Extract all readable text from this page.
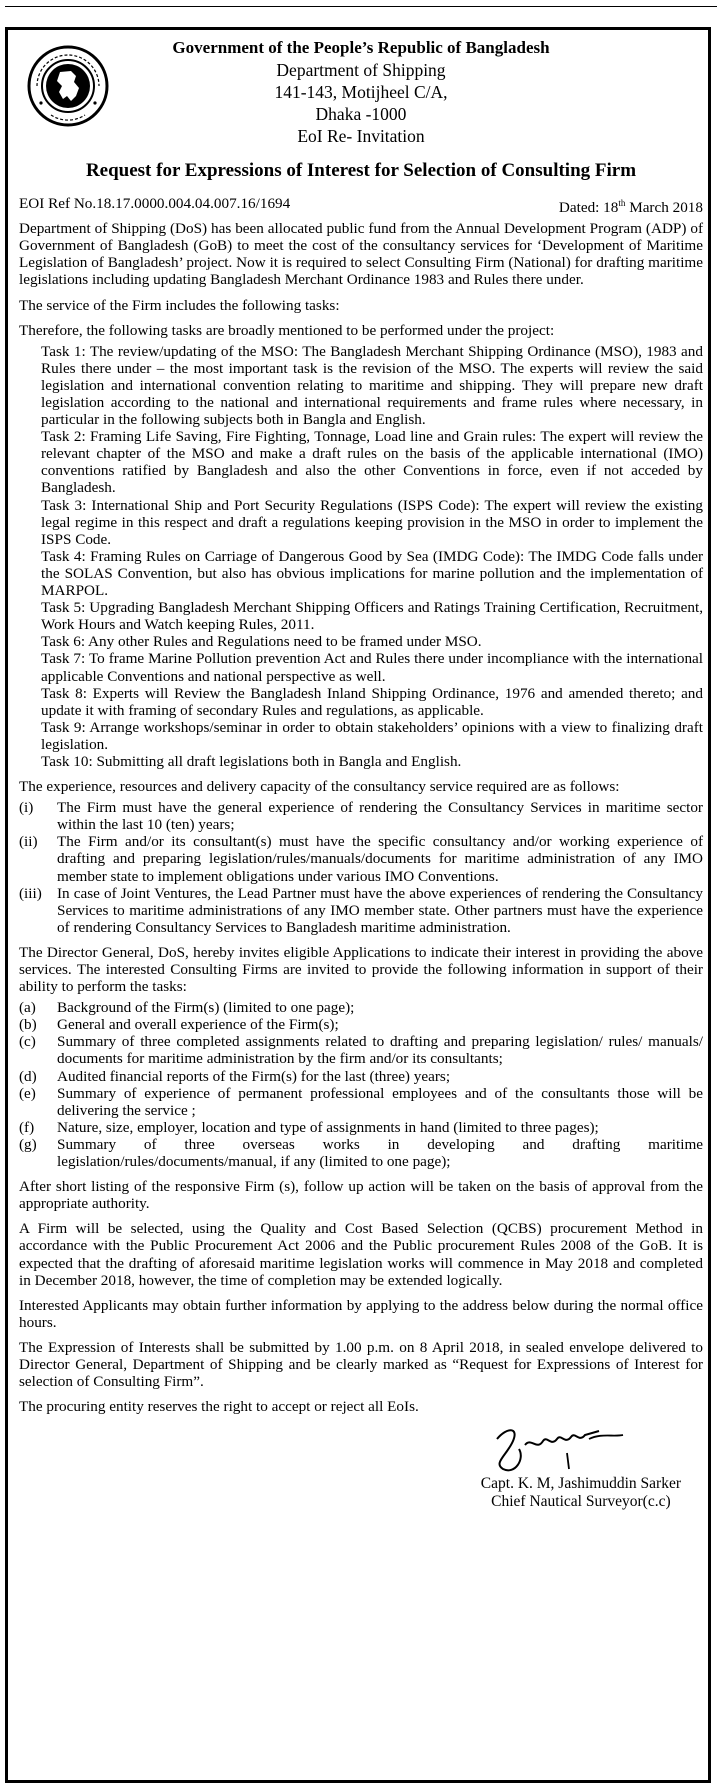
Government of the People’s Republic of Bangladesh
Department of Shipping
141-143, Motijheel C/A,
Dhaka -1000
EoI Re- Invitation
Request for Expressions of Interest for Selection of Consulting Firm
EOI Ref No.18.17.0000.004.04.007.16/1694	Dated: 18th March 2018

Department of Shipping (DoS) has been allocated public fund from the Annual Development Program (ADP) of Government of Bangladesh (GoB) to meet the cost of the consultancy services for ‘Development of Maritime Legislation of Bangladesh’ project. Now it is required to select Consulting Firm (National) for drafting maritime legislations including updating Bangladesh Merchant Ordinance 1983 and Rules there under.

The service of the Firm includes the following tasks:

Therefore, the following tasks are broadly mentioned to be performed under the project:

Task 1: The review/updating of the MSO: The Bangladesh Merchant Shipping Ordinance (MSO), 1983 and Rules there under – the most important task is the revision of the MSO. The experts will review the said legislation and international convention relating to maritime and shipping. They will prepare new draft legislation according to the national and international requirements and frame rules where necessary, in particular in the following subjects both in Bangla and English.
Task 2: Framing Life Saving, Fire Fighting, Tonnage, Load line and Grain rules: The expert will review the relevant chapter of the MSO and make a draft rules on the basis of the applicable international (IMO) conventions ratified by Bangladesh and also the other Conventions in force, even if not acceded by Bangladesh.
Task 3: International Ship and Port Security Regulations (ISPS Code): The expert will review the existing legal regime in this respect and draft a regulations keeping provision in the MSO in order to implement the ISPS Code.
Task 4: Framing Rules on Carriage of Dangerous Good by Sea (IMDG Code): The IMDG Code falls under the SOLAS Convention, but also has obvious implications for marine pollution and the implementation of MARPOL.
Task 5: Upgrading Bangladesh Merchant Shipping Officers and Ratings Training Certification, Recruitment, Work Hours and Watch keeping Rules, 2011.
Task 6: Any other Rules and Regulations need to be framed under MSO.
Task 7: To frame Marine Pollution prevention Act and Rules there under incompliance with the international applicable Conventions and national perspective as well.
Task 8: Experts will Review the Bangladesh Inland Shipping Ordinance, 1976 and amended thereto; and update it with framing of secondary Rules and regulations, as applicable.
Task 9: Arrange workshops/seminar in order to obtain stakeholders’ opinions with a view to finalizing draft legislation.
Task 10: Submitting all draft legislations both in Bangla and English.

The experience, resources and delivery capacity of the consultancy service required are as follows:

(i)	The Firm must have the general experience of rendering the Consultancy Services in maritime sector within the last 10 (ten) years;
(ii)	The Firm and/or its consultant(s) must have the specific consultancy and/or working experience of drafting and preparing legislation/rules/manuals/documents for maritime administration of any IMO member state to implement obligations under various IMO Conventions.
(iii)	In case of Joint Ventures, the Lead Partner must have the above experiences of rendering the Consultancy Services to maritime administrations of any IMO member state. Other partners must have the experience of rendering Consultancy Services to Bangladesh maritime administration.

The Director General, DoS, hereby invites eligible Applications to indicate their interest in providing the above services. The interested Consulting Firms are invited to provide the following information in support of their ability to perform the tasks:

(a)	Background of the Firm(s) (limited to one page);
(b)	General and overall experience of the Firm(s);
(c)	Summary of three completed assignments related to drafting and preparing legislation/ rules/ manuals/ documents for maritime administration by the firm and/or its consultants;
(d)	Audited financial reports of the Firm(s) for the last (three) years;
(e)	Summary of experience of permanent professional employees and of the consultants those will be delivering the service ;
(f)	Nature, size, employer, location and type of assignments in hand (limited to three pages);
(g)	Summary of three overseas works in developing and drafting maritime legislation/rules/documents/manual, if any (limited to one page);

After short listing of the responsive Firm (s), follow up action will be taken on the basis of approval from the appropriate authority.

A Firm will be selected, using the Quality and Cost Based Selection (QCBS) procurement Method in accordance with the Public Procurement Act 2006 and the Public procurement Rules 2008 of the GoB. It is expected that the drafting of aforesaid maritime legislation works will commence in May 2018 and completed in December 2018, however, the time of completion may be extended logically.

Interested Applicants may obtain further information by applying to the address below during the normal office hours.

The Expression of Interests shall be submitted by 1.00 p.m. on 8 April 2018, in sealed envelope delivered to Director General, Department of Shipping and be clearly marked as “Request for Expressions of Interest for selection of Consulting Firm”.

The procuring entity reserves the right to accept or reject all EoIs.

Capt. K. M, Jashimuddin Sarker
Chief Nautical Surveyor(c.c)
